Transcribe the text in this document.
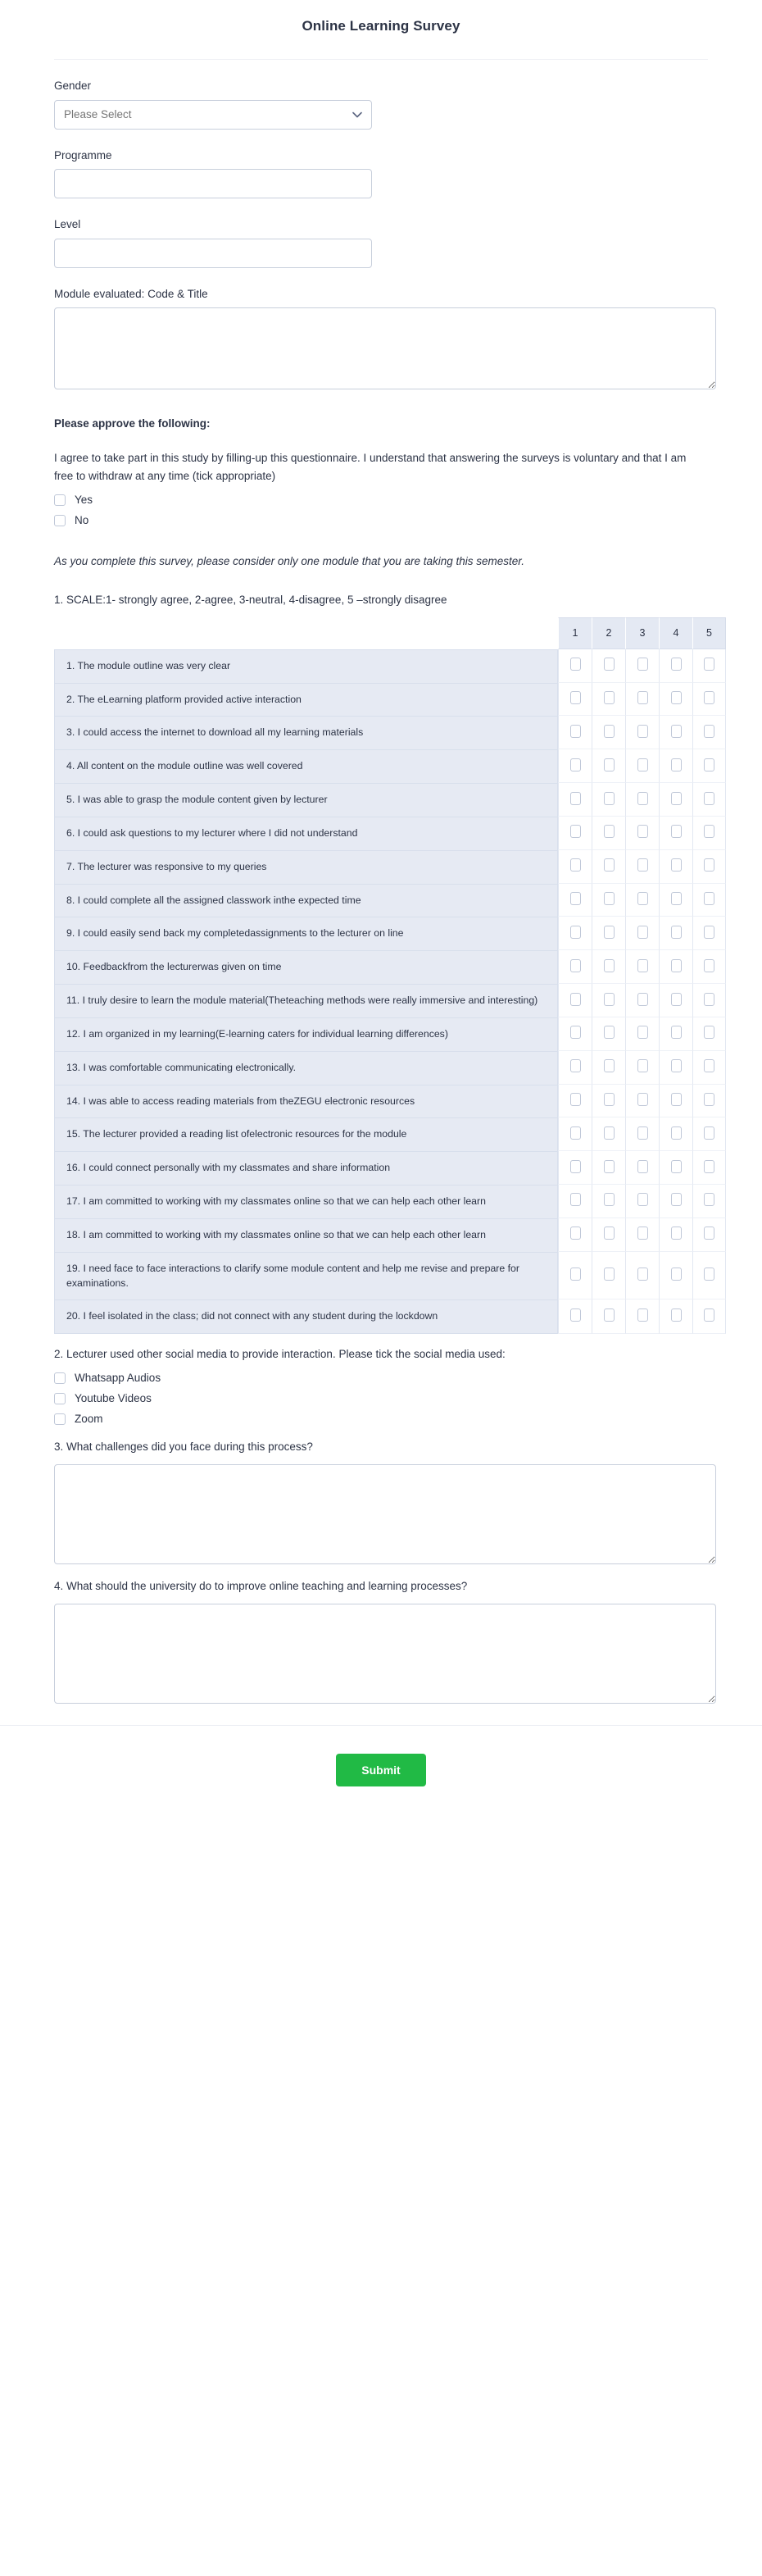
Online Learning Survey
Gender
Please Select
Programme
Level
Module evaluated: Code & Title

Please approve the following:

I agree to take part in this study by filling-up this questionnaire. I understand that answering the surveys is voluntary and that I am free to withdraw at any time (tick appropriate)

Yes
No

As you complete this survey, please consider only one module that you are taking this semester.

1. SCALE:1- strongly agree, 2-agree, 3-neutral, 4-disagree, 5 –strongly disagree

	1	2	3	4	5
1. The module outline was very clear					
2. The eLearning platform provided active interaction					
3. I could access the internet to download all my learning materials					
4. All content on the module outline was well covered					
5. I was able to grasp the module content given by lecturer					
6. I could ask questions to my lecturer where I did not understand					
7. The lecturer was responsive to my queries					
8. I could complete all the assigned classwork inthe expected time					
9. I could easily send back my completedassignments to the lecturer on line					
10. Feedbackfrom the lecturerwas given on time					
11. I truly desire to learn the module material(Theteaching methods were really immersive and interesting)					
12. I am organized in my learning(E-learning caters for individual learning differences)					
13. I was comfortable communicating electronically.					
14. I was able to access reading materials from theZEGU electronic resources					
15. The lecturer provided a reading list ofelectronic resources for the module					
16. I could connect personally with my classmates and share information					
17. I am committed to working with my classmates online so that we can help each other learn					
18. I am committed to working with my classmates online so that we can help each other learn					
19. I need face to face interactions to clarify some module content and help me revise and prepare for examinations.					
20. I feel isolated in the class; did not connect with any student during the lockdown					

2. Lecturer used other social media to provide interaction. Please tick the social media used:

Whatsapp Audios
Youtube Videos
Zoom

3. What challenges did you face during this process?

4. What should the university do to improve online teaching and learning processes?

Submit
